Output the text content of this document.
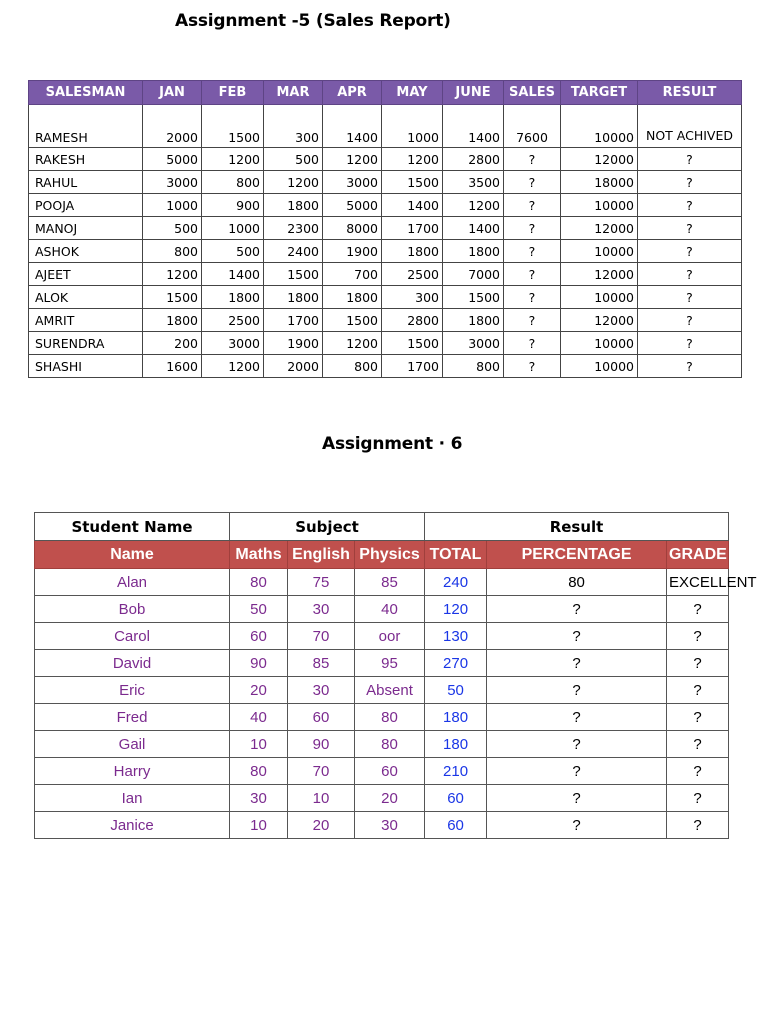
Assignment -5 (Sales Report)
SALESMAN	JAN	FEB	MAR	APR	MAY	JUNE	SALES	TARGET	RESULT
RAMESH	2000	1500	300	1400	1000	1400	7600	10000	NOT ACHIVED
RAKESH	5000	1200	500	1200	1200	2800	?	12000	?
RAHUL	3000	800	1200	3000	1500	3500	?	18000	?
POOJA	1000	900	1800	5000	1400	1200	?	10000	?
MANOJ	500	1000	2300	8000	1700	1400	?	12000	?
ASHOK	800	500	2400	1900	1800	1800	?	10000	?
AJEET	1200	1400	1500	700	2500	7000	?	12000	?
ALOK	1500	1800	1800	1800	300	1500	?	10000	?
AMRIT	1800	2500	1700	1500	2800	1800	?	12000	?
SURENDRA	200	3000	1900	1200	1500	3000	?	10000	?
SHASHI	1600	1200	2000	800	1700	800	?	10000	?
Assignment · 6
Student Name	Subject			Result		
Name	Maths	English	Physics	TOTAL	PERCENTAGE	GRADE
Alan	80	75	85	240	80	EXCELLENT
Bob	50	30	40	120	?	?
Carol	60	70	oor	130	?	?
David	90	85	95	270	?	?
Eric	20	30	Absent	50	?	?
Fred	40	60	80	180	?	?
Gail	10	90	80	180	?	?
Harry	80	70	60	210	?	?
Ian	30	10	20	60	?	?
Janice	10	20	30	60	?	?
